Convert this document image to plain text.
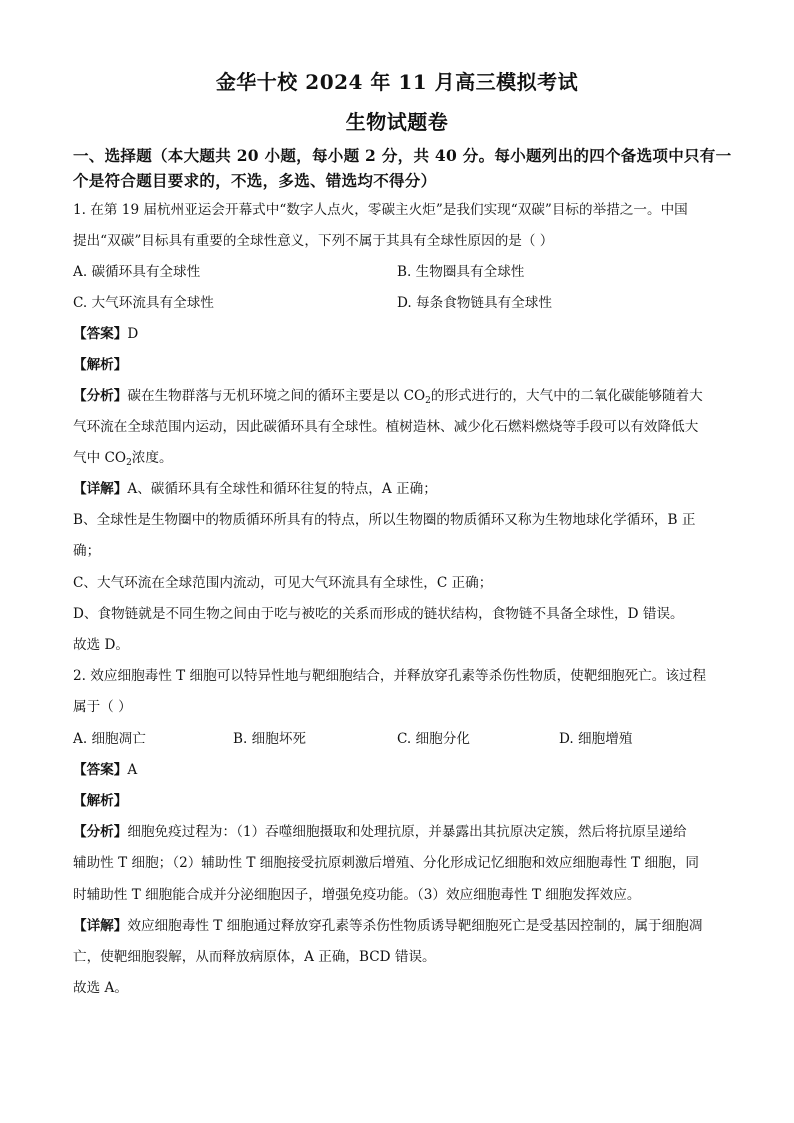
金华十校 2024 年 11 月高三模拟考试
生物试题卷
一、选择题（本大题共 20 小题，每小题 2 分，共 40 分。每小题列出的四个备选项中只有一
个是符合题目要求的，不选，多选、错选均不得分）
1. 在第 19 届杭州亚运会开幕式中“数字人点火，零碳主火炬”是我们实现“双碳”目标的举措之一。中国
提出“双碳”目标具有重要的全球性意义，下列不属于其具有全球性原因的是（ ）
A. 碳循环具有全球性	B. 生物圈具有全球性
C. 大气环流具有全球性	D. 每条食物链具有全球性
【答案】D
【解析】
【分析】碳在生物群落与无机环境之间的循环主要是以 $CO_2$的形式进行的，大气中的二氧化碳能够随着大
气环流在全球范围内运动，因此碳循环具有全球性。植树造林、减少化石燃料燃烧等手段可以有效降低大
气中 $CO_2$浓度。
【详解】A、碳循环具有全球性和循环往复的特点，A 正确；
B、全球性是生物圈中的物质循环所具有的特点，所以生物圈的物质循环又称为生物地球化学循环，B 正
确；
C、大气环流在全球范围内流动，可见大气环流具有全球性，C 正确；
D、食物链就是不同生物之间由于吃与被吃的关系而形成的链状结构，食物链不具备全球性，D 错误。
故选 D。
2. 效应细胞毒性 T 细胞可以特异性地与靶细胞结合，并释放穿孔素等杀伤性物质，使靶细胞死亡。该过程
属于（ ）
A. 细胞凋亡	B. 细胞坏死	C. 细胞分化	D. 细胞增殖
【答案】A
【解析】
【分析】细胞免疫过程为：（1）吞噬细胞摄取和处理抗原，并暴露出其抗原决定簇，然后将抗原呈递给
辅助性 T 细胞；（2）辅助性 T 细胞接受抗原刺激后增殖、分化形成记忆细胞和效应细胞毒性 T 细胞，同
时辅助性 T 细胞能合成并分泌细胞因子，增强免疫功能。（3）效应细胞毒性 T 细胞发挥效应。
【详解】效应细胞毒性 T 细胞通过释放穿孔素等杀伤性物质诱导靶细胞死亡是受基因控制的，属于细胞凋
亡，使靶细胞裂解，从而释放病原体，A 正确，BCD 错误。
故选 A。
